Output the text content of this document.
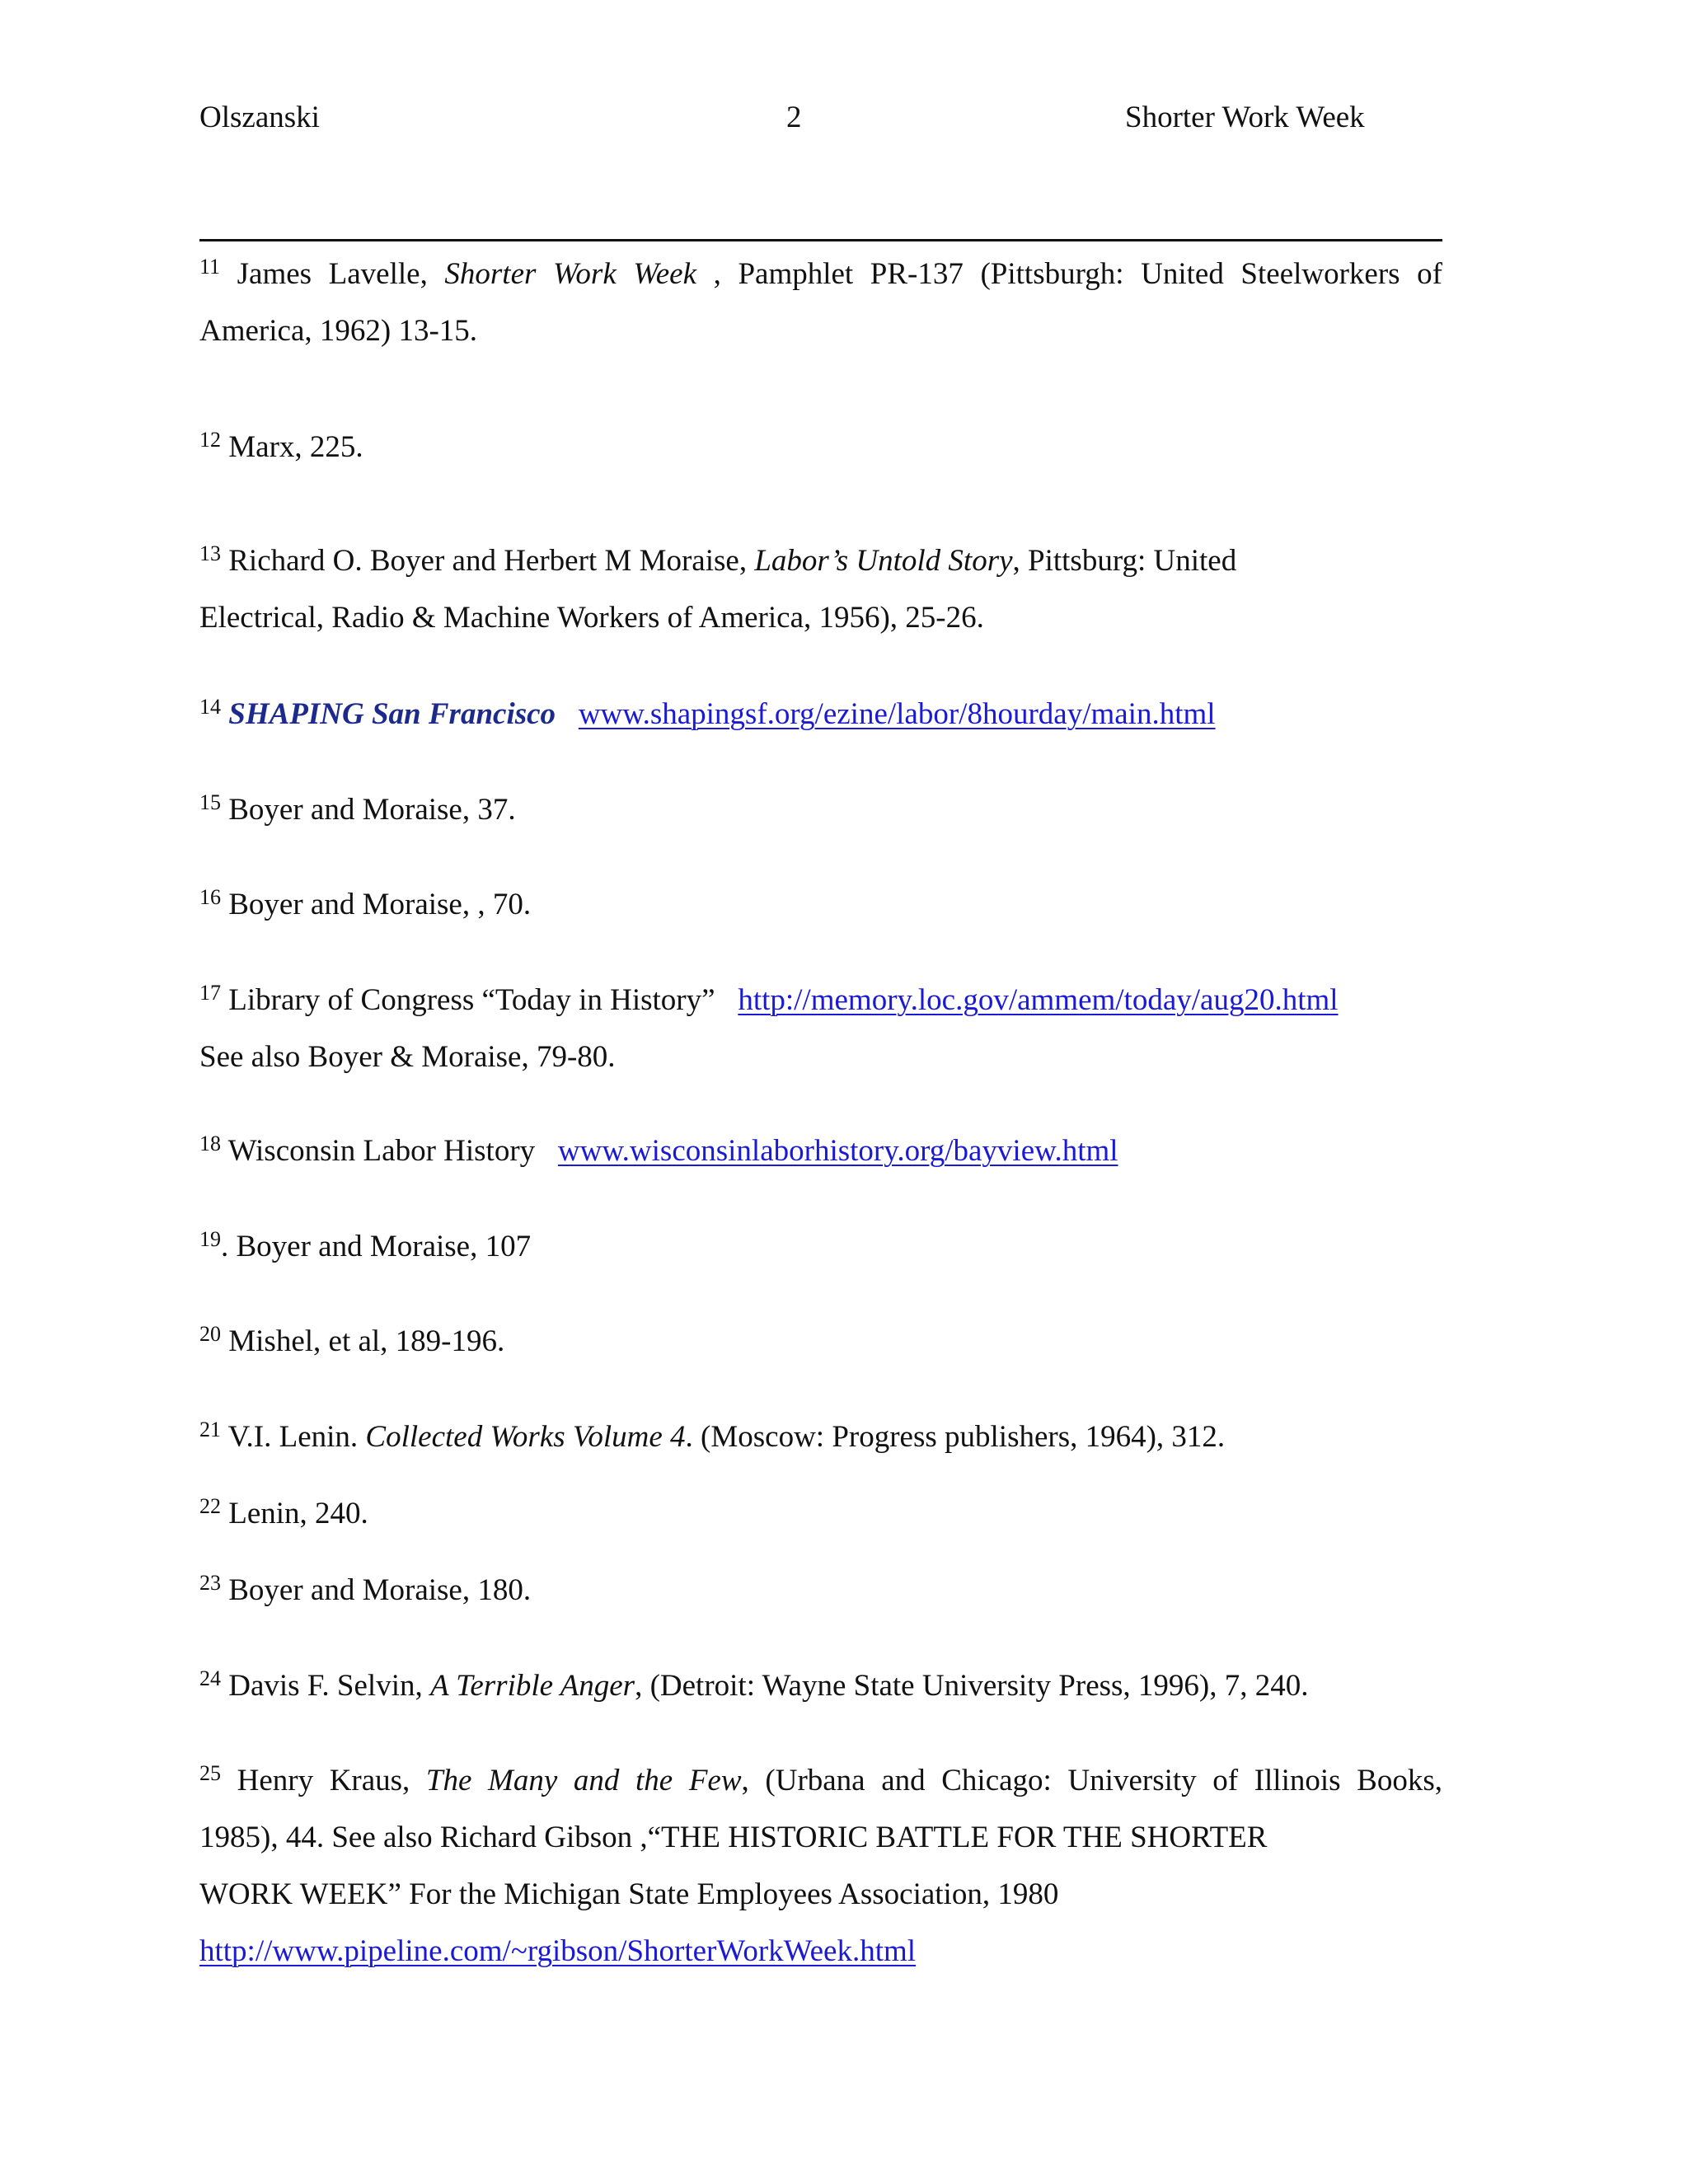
Olszanski	2	Shorter Work Week
$^{11}$ James Lavelle, Shorter Work Week , Pamphlet PR-137 (Pittsburgh: United Steelworkers of
America, 1962) 13-15.
$^{12}$ Marx, 225.
$^{13}$ Richard O. Boyer and Herbert M Moraise, Labor’s Untold Story, Pittsburg: United
Electrical, Radio & Machine Workers of America, 1956), 25-26.
$^{14}$ SHAPING San Francisco www.shapingsf.org/ezine/labor/8hourday/main.html
$^{15}$ Boyer and Moraise, 37.
$^{16}$ Boyer and Moraise, , 70.
$^{17}$ Library of Congress “Today in History”   http://memory.loc.gov/ammem/today/aug20.html
See also Boyer & Moraise, 79-80.
$^{18}$ Wisconsin Labor History   www.wisconsinlaborhistory.org/bayview.html
$^{19}$. Boyer and Moraise, 107
$^{20}$ Mishel, et al, 189-196.
$^{21}$ V.I. Lenin. Collected Works Volume 4. (Moscow: Progress publishers, 1964), 312.
$^{22}$ Lenin, 240.
$^{23}$ Boyer and Moraise, 180.
$^{24}$ Davis F. Selvin, A Terrible Anger, (Detroit: Wayne State University Press, 1996), 7, 240.
$^{25}$ Henry Kraus, The Many and the Few, (Urbana and Chicago: University of Illinois Books,
1985), 44. See also Richard Gibson ,“THE HISTORIC BATTLE FOR THE SHORTER
WORK WEEK” For the Michigan State Employees Association, 1980
http://www.pipeline.com/~rgibson/ShorterWorkWeek.html
